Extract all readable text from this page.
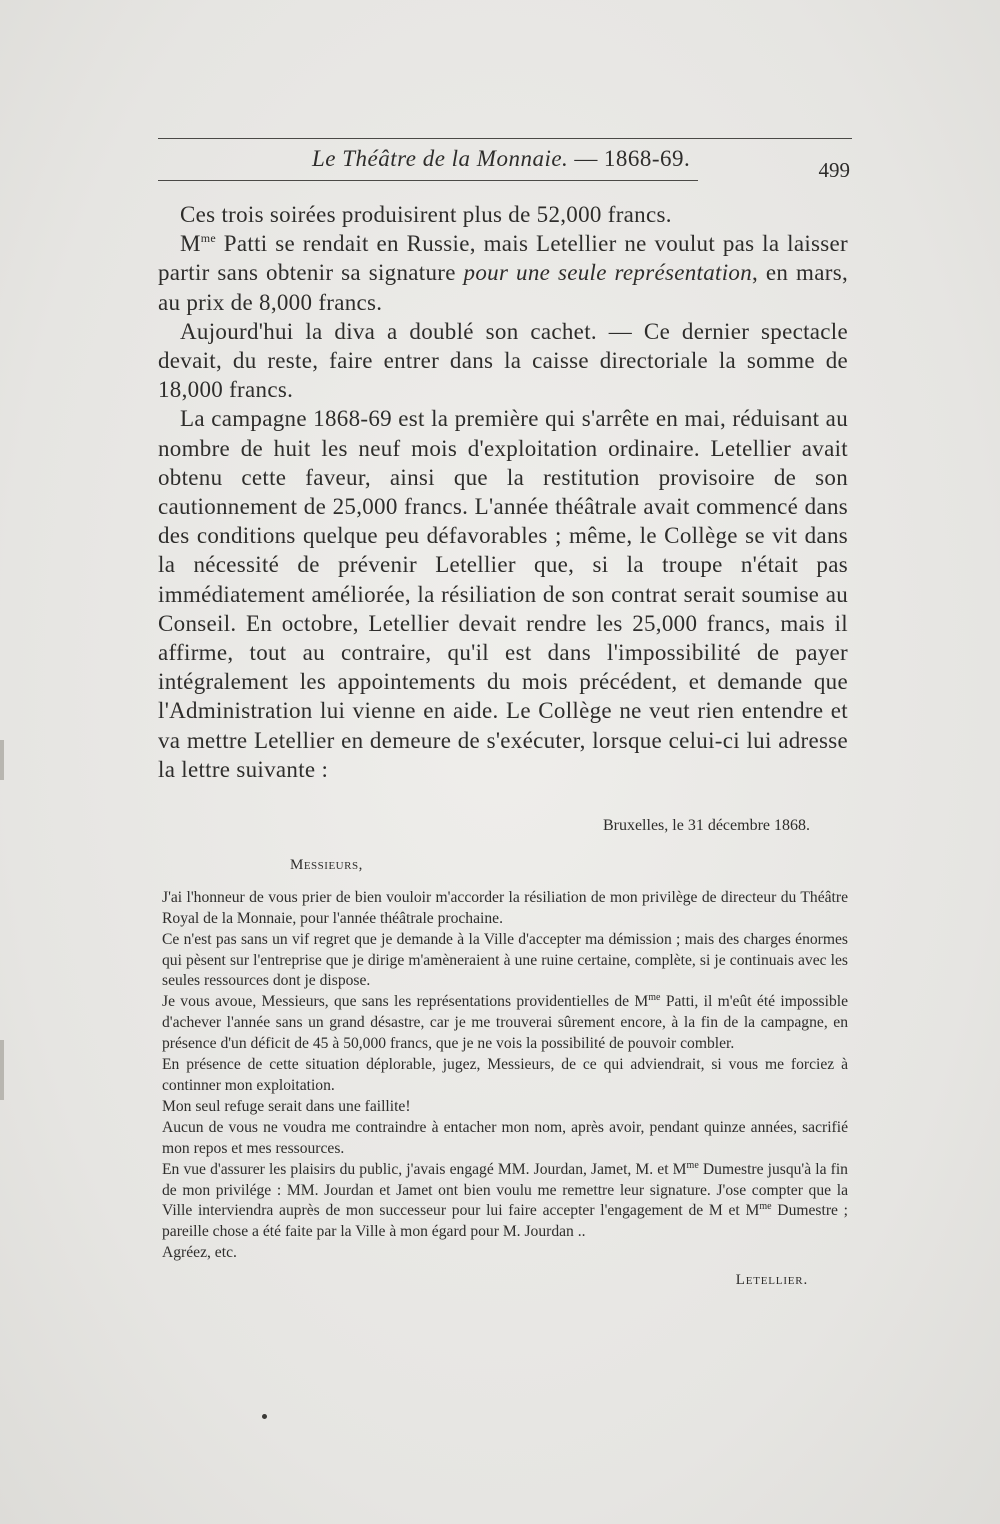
Le Théâtre de la Monnaie. — 1868-69.	499

Ces trois soirées produisirent plus de 52,000 francs.

$M^{me}$ Patti se rendait en Russie, mais Letellier ne voulut pas la laisser partir sans obtenir sa signature pour une seule représentation, en mars, au prix de 8,000 francs.

Aujourd'hui la diva a doublé son cachet. — Ce dernier spectacle devait, du reste, faire entrer dans la caisse directoriale la somme de 18,000 francs.

La campagne 1868-69 est la première qui s'arrête en mai, réduisant au nombre de huit les neuf mois d'exploitation ordinaire. Letellier avait obtenu cette faveur, ainsi que la restitution provisoire de son cautionnement de 25,000 francs. L'année théâtrale avait commencé dans des conditions quelque peu défavorables ; même, le Collège se vit dans la nécessité de prévenir Letellier que, si la troupe n'était pas immédiatement améliorée, la résiliation de son contrat serait soumise au Conseil. En octobre, Letellier devait rendre les 25,000 francs, mais il affirme, tout au contraire, qu'il est dans l'impossibilité de payer intégralement les appointements du mois précédent, et demande que l'Administration lui vienne en aide. Le Collège ne veut rien entendre et va mettre Letellier en demeure de s'exécuter, lorsque celui-ci lui adresse la lettre suivante :

Bruxelles, le 31 décembre 1868.
Messieurs,

J'ai l'honneur de vous prier de bien vouloir m'accorder la résiliation de mon privilège de directeur du Théâtre Royal de la Monnaie, pour l'année théâtrale prochaine.

Ce n'est pas sans un vif regret que je demande à la Ville d'accepter ma démission ; mais des charges énormes qui pèsent sur l'entreprise que je dirige m'amèneraient à une ruine certaine, complète, si je continuais avec les seules ressources dont je dispose.

Je vous avoue, Messieurs, que sans les représentations providentielles de $M^{me}$ Patti, il m'eût été impossible d'achever l'année sans un grand désastre, car je me trouverai sûrement encore, à la fin de la campagne, en présence d'un déficit de 45 à 50,000 francs, que je ne vois la possibilité de pouvoir combler.

En présence de cette situation déplorable, jugez, Messieurs, de ce qui adviendrait, si vous me forciez à continner mon exploitation.

Mon seul refuge serait dans une faillite!

Aucun de vous ne voudra me contraindre à entacher mon nom, après avoir, pendant quinze années, sacrifié mon repos et mes ressources.

En vue d'assurer les plaisirs du public, j'avais engagé MM. Jourdan, Jamet, M. et $M^{me}$ Dumestre jusqu'à la fin de mon privilége : MM. Jourdan et Jamet ont bien voulu me remettre leur signature. J'ose compter que la Ville interviendra auprès de mon successeur pour lui faire accepter l'engagement de M et $M^{me}$ Dumestre ; pareille chose a été faite par la Ville à mon égard pour M. Jourdan ..

Agréez, etc.

Letellier.
